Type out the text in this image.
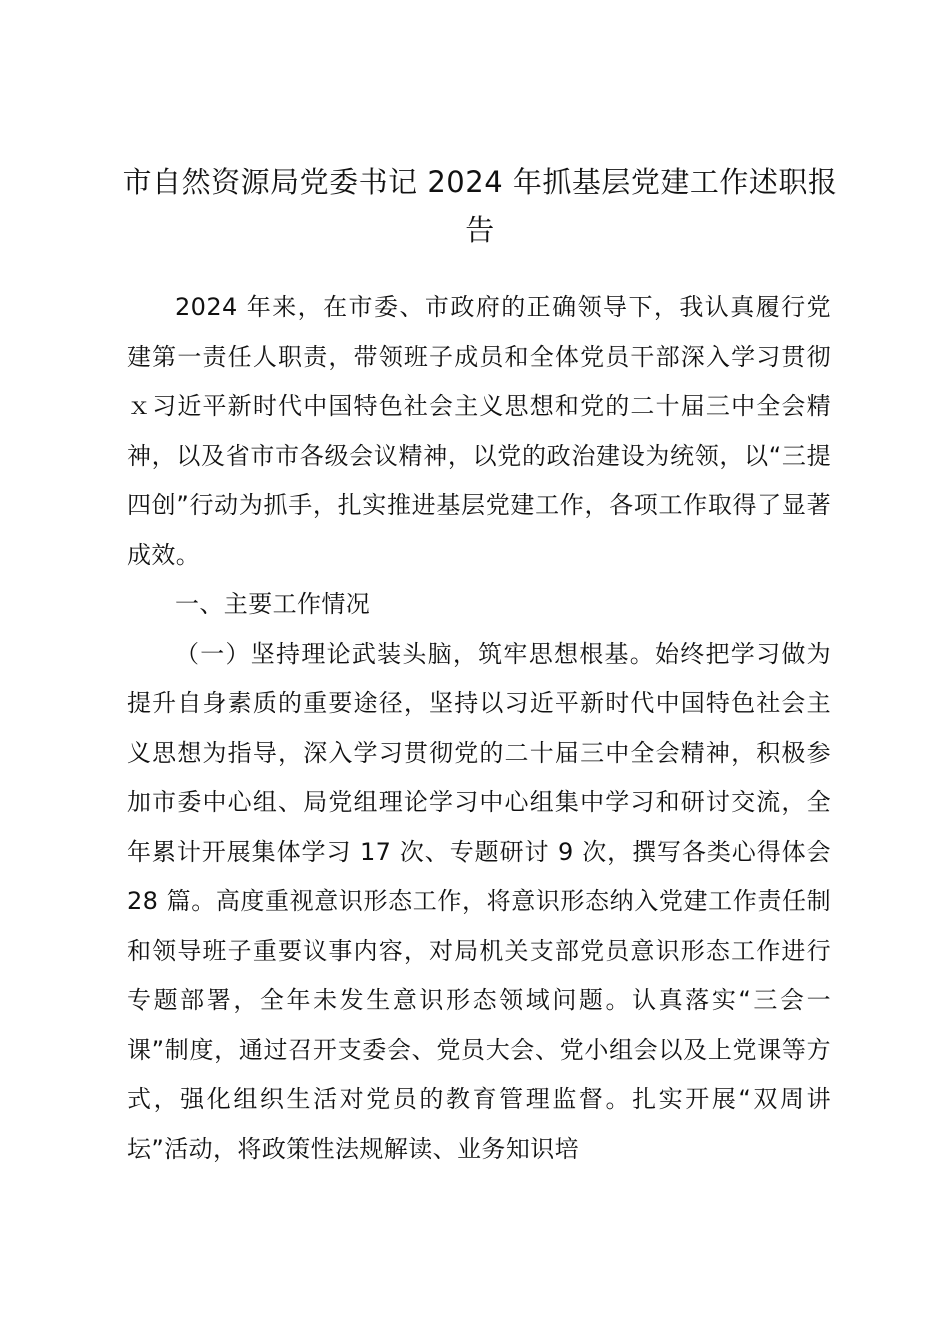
市自然资源局党委书记 2024 年抓基层党建工作述职报告

2024 年来，在市委、市政府的正确领导下，我认真履行党建第一责任人职责，带领班子成员和全体党员干部深入学习贯彻ｘ习近平新时代中国特色社会主义思想和党的二十届三中全会精神，以及省市市各级会议精神，以党的政治建设为统领，以“三提四创”行动为抓手，扎实推进基层党建工作，各项工作取得了显著成效。

一、主要工作情况

（一）坚持理论武装头脑，筑牢思想根基。始终把学习做为提升自身素质的重要途径，坚持以习近平新时代中国特色社会主义思想为指导，深入学习贯彻党的二十届三中全会精神，积极参加市委中心组、局党组理论学习中心组集中学习和研讨交流，全年累计开展集体学习 17 次、专题研讨 9 次，撰写各类心得体会 28 篇。高度重视意识形态工作，将意识形态纳入党建工作责任制和领导班子重要议事内容，对局机关支部党员意识形态工作进行专题部署，全年未发生意识形态领域问题。认真落实“三会一课”制度，通过召开支委会、党员大会、党小组会以及上党课等方式，强化组织生活对党员的教育管理监督。扎实开展“双周讲坛”活动，将政策性法规解读、业务知识培
